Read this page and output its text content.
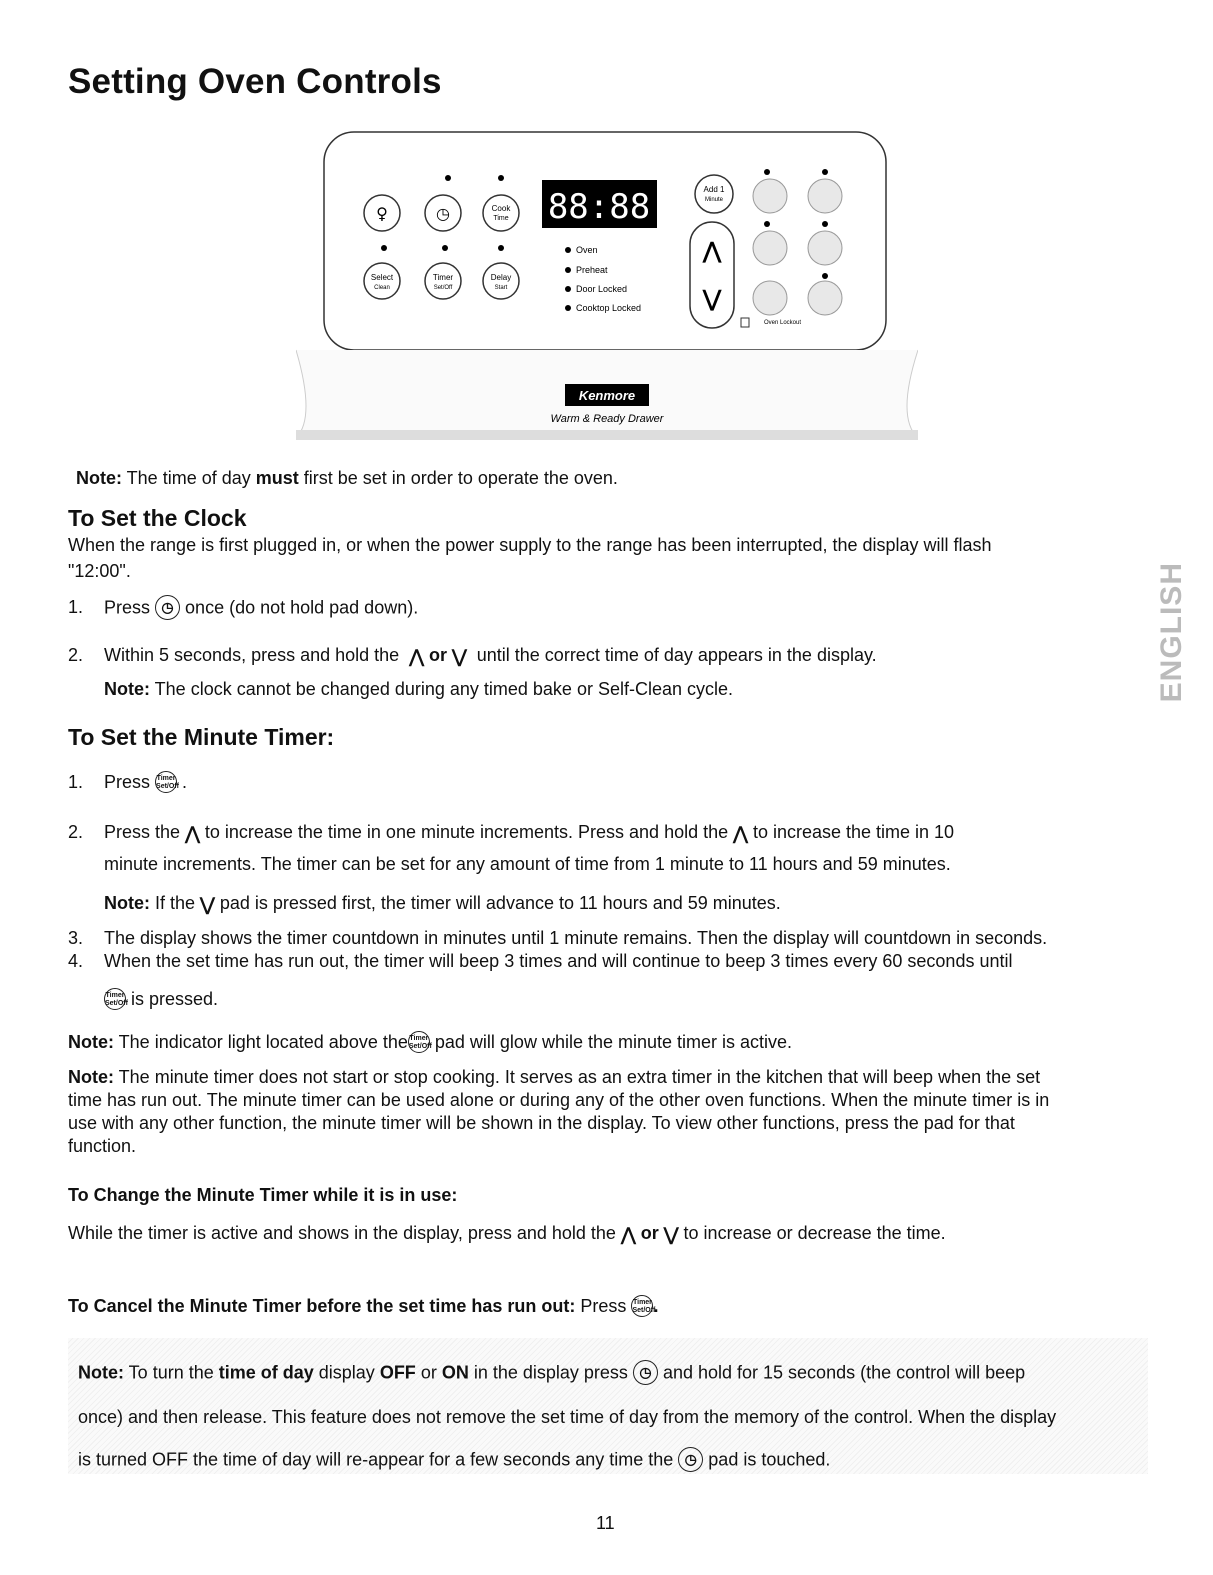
Setting Oven Controls
♀	◷	Cook
Time
Select
Clean
Timer
Set/Off
Delay
Start
88:88
Oven
Preheat
Door Locked
Cooktop Locked
⋀
⋁
Add 1
Minute
Oven Lockout
Kenmore
Warm & Ready Drawer
Note: The time of day must first be set in order to operate the oven.
To Set the Clock
When the range is first plugged in, or when the power supply to the range has been interrupted, the display will flash
"12:00".
1. Press ◷ once (do not hold pad down).
2. Within 5 seconds, press and hold the ⋀ or ⋁ until the correct time of day appears in the display.
Note: The clock cannot be changed during any timed bake or Self-Clean cycle.
To Set the Minute Timer:
1. Press Timer
Set/Off .
2. Press the ⋀ to increase the time in one minute increments. Press and hold the ⋀ to increase the time in 10
minute increments. The timer can be set for any amount of time from 1 minute to 11 hours and 59 minutes.
Note: If the ⋁ pad is pressed first, the timer will advance to 11 hours and 59 minutes.
3. The display shows the timer countdown in minutes until 1 minute remains. Then the display will countdown in seconds.
4. When the set time has run out, the timer will beep 3 times and will continue to beep 3 times every 60 seconds until
Timer
Set/Off is pressed.
Note: The indicator light located above the Timer
Set/Off pad will glow while the minute timer is active.
Note: The minute timer does not start or stop cooking. It serves as an extra timer in the kitchen that will beep when the set
time has run out. The minute timer can be used alone or during any of the other oven functions. When the minute timer is in
use with any other function, the minute timer will be shown in the display. To view other functions, press the pad for that
function.
To Change the Minute Timer while it is in use:
While the timer is active and shows in the display, press and hold the ⋀ or ⋁ to increase or decrease the time.
To Cancel the Minute Timer before the set time has run out: Press Timer
Set/Off.
Note: To turn the time of day display OFF or ON in the display press ◷ and hold for 15 seconds (the control will beep
once) and then release. This feature does not remove the set time of day from the memory of the control. When the display
is turned OFF the time of day will re-appear for a few seconds any time the ◷ pad is touched.
ENGLISH
11
